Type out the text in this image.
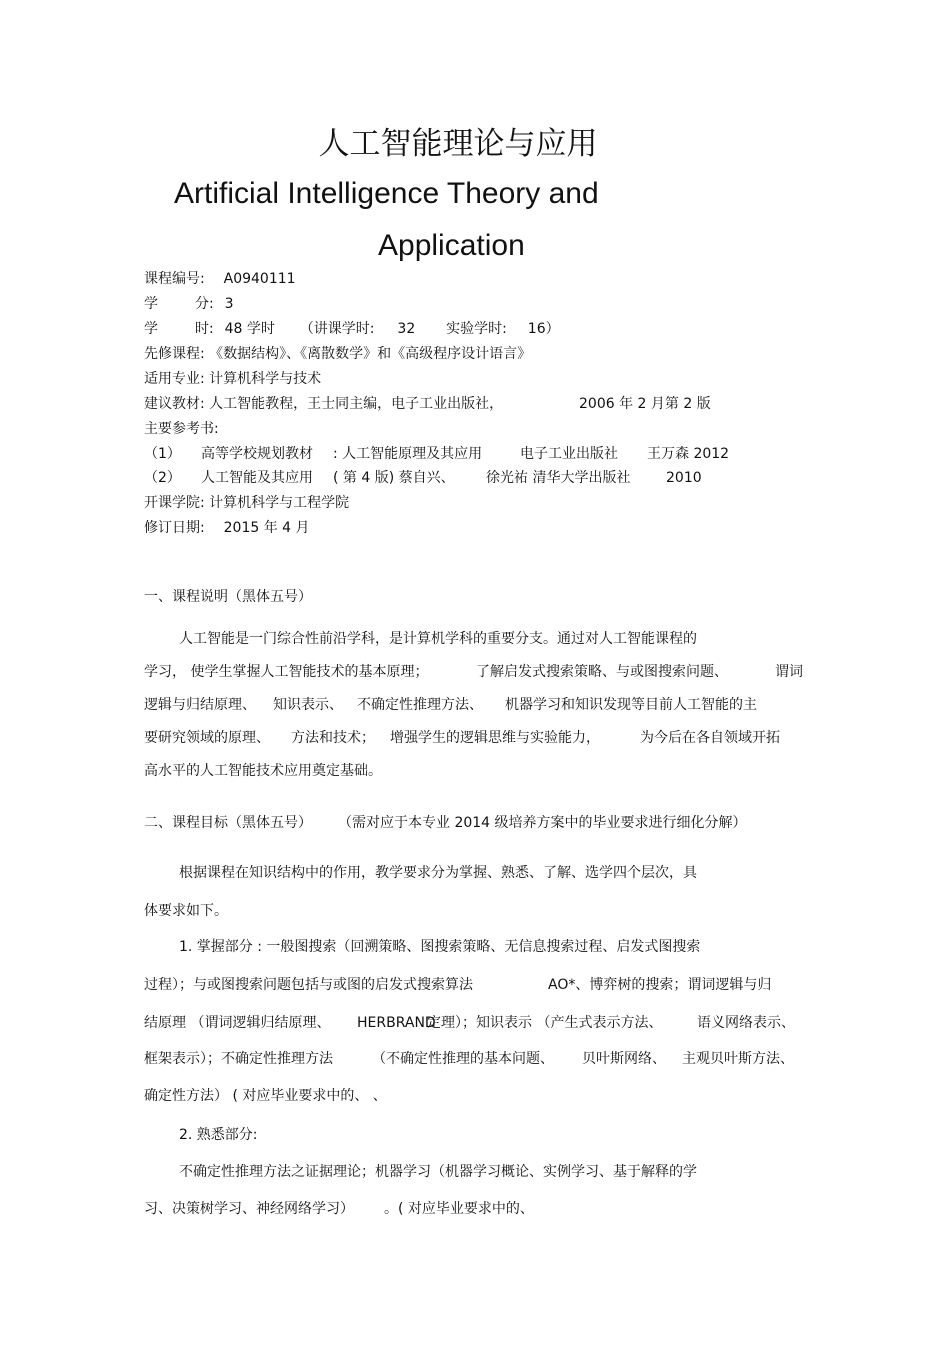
人工智能理论与应用
Artificial Intelligence Theory and
Application
课程编号: A0940111
学	分: 3
学	时: 48 学时 （讲课学时: 32 实验学时: 16）
先修课程: 《数据结构》、《离散数学》和《高级程序设计语言》
适用专业: 计算机科学与技术
建议教材: 人工智能教程，王士同主编，电子工业出版社，	2006 年 2 月第 2 版
主要参考书:
（1） 高等学校规划教材 : 人工智能原理及其应用	电子工业出版社 王万森 2012
（2） 人工智能及其应用 ( 第 4 版) 蔡自兴、 徐光祐 清华大学出版社	2010
开课学院: 计算机科学与工程学院
修订日期: 2015 年 4 月
一、课程说明（黑体五号）
人工智能是一门综合性前沿学科，是计算机学科的重要分支。通过对人工智能课程的
学习， 使学生掌握人工智能技术的基本原理；	了解启发式搜索策略、与或图搜索问题、	谓词
逻辑与归结原理、 知识表示、 不确定性推理方法、 机器学习和知识发现等目前人工智能的主
要研究领域的原理、 方法和技术； 增强学生的逻辑思维与实验能力，	为今后在各自领域开拓
高水平的人工智能技术应用奠定基础。
二、课程目标（黑体五号） （需对应于本专业 2014 级培养方案中的毕业要求进行细化分解）
根据课程在知识结构中的作用，教学要求分为掌握、熟悉、了解、选学四个层次，具
体要求如下。
1. 掌握部分 : 一般图搜索（回溯策略、图搜索策略、无信息搜索过程、启发式图搜索
过程）；与或图搜索问题包括与或图的启发式搜索算法	AO*、博弈树的搜索；谓词逻辑与归
结原理 （谓词逻辑归结原理、 HERBRAND
定理）；知识表示 （产生式表示方法、 语义网络表示、
框架表示）；不确定性推理方法	（不确定性推理的基本问题、 贝叶斯网络、 主观贝叶斯方法、
确定性方法） ( 对应毕业要求中的、 、
2. 熟悉部分:
不确定性推理方法之证据理论；机器学习（机器学习概论、实例学习、基于解释的学
习、决策树学习、神经网络学习） 。( 对应毕业要求中的、
